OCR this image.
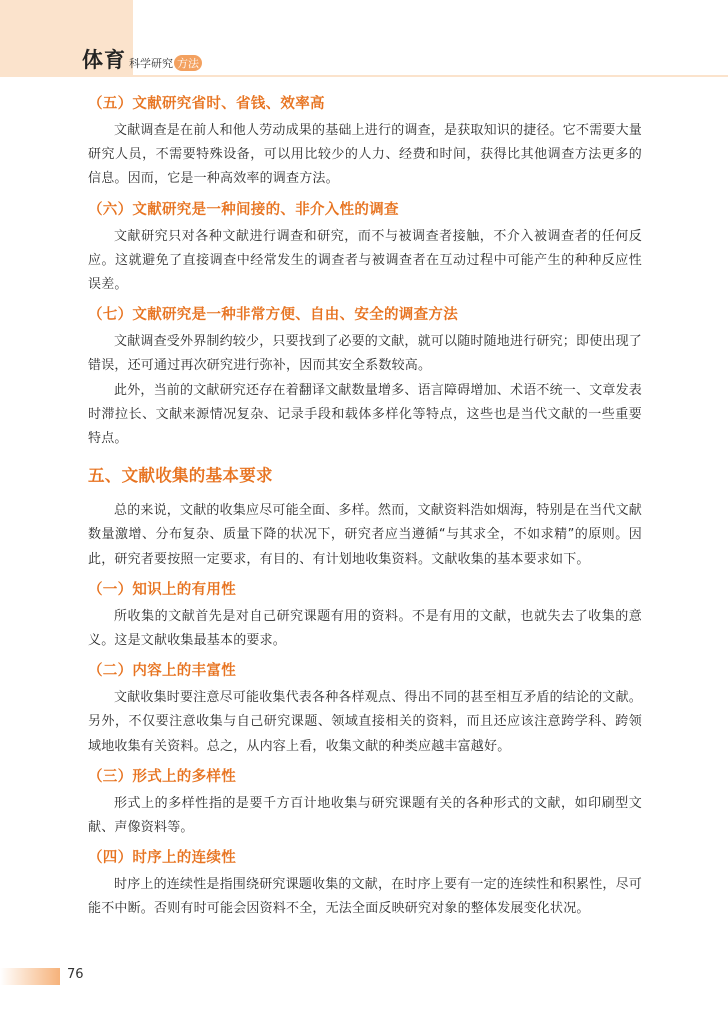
体育 科学研究 方法
（五）文献研究省时、省钱、效率高

文献调查是在前人和他人劳动成果的基础上进行的调查，是获取知识的捷径。它不需要大量研究人员，不需要特殊设备，可以用比较少的人力、经费和时间，获得比其他调查方法更多的信息。因而，它是一种高效率的调查方法。

（六）文献研究是一种间接的、非介入性的调查

文献研究只对各种文献进行调查和研究，而不与被调查者接触，不介入被调查者的任何反应。这就避免了直接调查中经常发生的调查者与被调查者在互动过程中可能产生的种种反应性误差。

（七）文献研究是一种非常方便、自由、安全的调查方法

文献调查受外界制约较少，只要找到了必要的文献，就可以随时随地进行研究；即使出现了错误，还可通过再次研究进行弥补，因而其安全系数较高。

此外，当前的文献研究还存在着翻译文献数量增多、语言障碍增加、术语不统一、文章发表时滞拉长、文献来源情况复杂、记录手段和载体多样化等特点，这些也是当代文献的一些重要特点。

五、文献收集的基本要求

总的来说，文献的收集应尽可能全面、多样。然而，文献资料浩如烟海，特别是在当代文献数量激增、分布复杂、质量下降的状况下，研究者应当遵循“与其求全，不如求精”的原则。因此，研究者要按照一定要求，有目的、有计划地收集资料。文献收集的基本要求如下。

（一）知识上的有用性

所收集的文献首先是对自己研究课题有用的资料。不是有用的文献，也就失去了收集的意义。这是文献收集最基本的要求。

（二）内容上的丰富性

文献收集时要注意尽可能收集代表各种各样观点、得出不同的甚至相互矛盾的结论的文献。另外，不仅要注意收集与自己研究课题、领域直接相关的资料，而且还应该注意跨学科、跨领域地收集有关资料。总之，从内容上看，收集文献的种类应越丰富越好。

（三）形式上的多样性

形式上的多样性指的是要千方百计地收集与研究课题有关的各种形式的文献，如印刷型文献、声像资料等。

（四）时序上的连续性

时序上的连续性是指围绕研究课题收集的文献，在时序上要有一定的连续性和积累性，尽可能不中断。否则有时可能会因资料不全，无法全面反映研究对象的整体发展变化状况。

76
